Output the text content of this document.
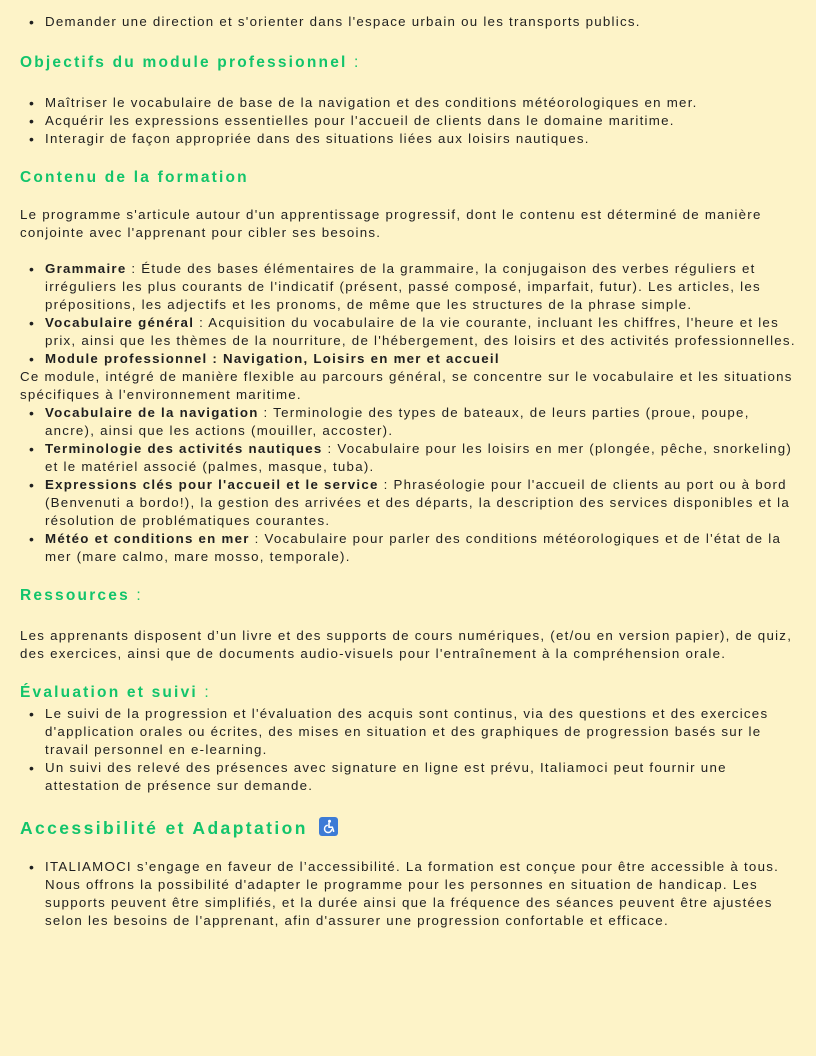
• Demander une direction et s'orienter dans l'espace urbain ou les transports publics.
Objectifs du module professionnel :
• Maîtriser le vocabulaire de base de la navigation et des conditions météorologiques en mer.
• Acquérir les expressions essentielles pour l'accueil de clients dans le domaine maritime.
• Interagir de façon appropriée dans des situations liées aux loisirs nautiques.
Contenu de la formation

Le programme s'articule autour d'un apprentissage progressif, dont le contenu est déterminé de manière conjointe avec l'apprenant pour cibler ses besoins.

• Grammaire : Étude des bases élémentaires de la grammaire, la conjugaison des verbes réguliers et irréguliers les plus courants de l'indicatif (présent, passé composé, imparfait, futur). Les articles, les prépositions, les adjectifs et les pronoms, de même que les structures de la phrase simple.
• Vocabulaire général : Acquisition du vocabulaire de la vie courante, incluant les chiffres, l'heure et les prix, ainsi que les thèmes de la nourriture, de l'hébergement, des loisirs et des activités professionnelles.
• Module professionnel : Navigation, Loisirs en mer et accueil

Ce module, intégré de manière flexible au parcours général, se concentre sur le vocabulaire et les situations spécifiques à l'environnement maritime.

• Vocabulaire de la navigation : Terminologie des types de bateaux, de leurs parties (proue, poupe, ancre), ainsi que les actions (mouiller, accoster).
• Terminologie des activités nautiques : Vocabulaire pour les loisirs en mer (plongée, pêche, snorkeling) et le matériel associé (palmes, masque, tuba).
• Expressions clés pour l'accueil et le service : Phraséologie pour l'accueil de clients au port ou à bord (Benvenuti a bordo!), la gestion des arrivées et des départs, la description des services disponibles et la résolution de problématiques courantes.
• Météo et conditions en mer : Vocabulaire pour parler des conditions météorologiques et de l'état de la mer (mare calmo, mare mosso, temporale).
Ressources :

Les apprenants disposent d’un livre et des supports de cours numériques, (et/ou en version papier), de quiz, des exercices, ainsi que de documents audio-visuels pour l'entraînement à la compréhension orale.

Évaluation et suivi :
• Le suivi de la progression et l'évaluation des acquis sont continus, via des questions et des exercices d'application orales ou écrites, des mises en situation et des graphiques de progression basés sur le travail personnel en e-learning.
• Un suivi des relevé des présences avec signature en ligne est prévu, Italiamoci peut fournir une attestation de présence sur demande.
Accessibilité et Adaptation
• ITALIAMOCI s’engage en faveur de l’accessibilité. La formation est conçue pour être accessible à tous. Nous offrons la possibilité d'adapter le programme pour les personnes en situation de handicap. Les supports peuvent être simplifiés, et la durée ainsi que la fréquence des séances peuvent être ajustées selon les besoins de l'apprenant, afin d'assurer une progression confortable et efficace.
